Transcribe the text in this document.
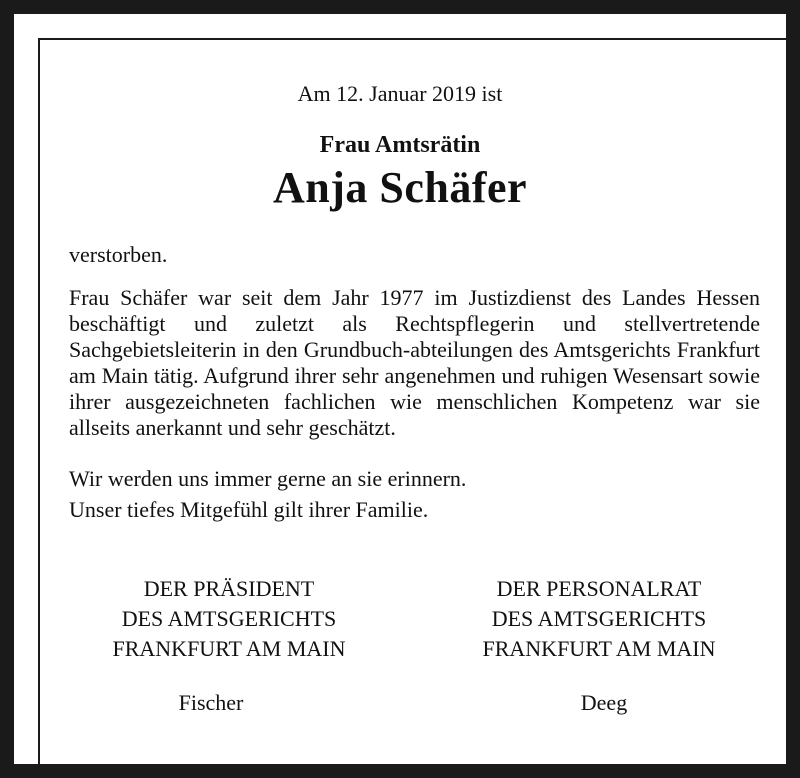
Am 12. Januar 2019 ist
Frau Amtsrätin
Anja Schäfer
verstorben.
Frau Schäfer war seit dem Jahr 1977 im Justizdienst des Landes Hessen beschäftigt und zuletzt als Rechtspflegerin und stellvertretende Sachgebietsleiterin in den Grundbuch-abteilungen des Amtsgerichts Frankfurt am Main tätig. Aufgrund ihrer sehr angenehmen und ruhigen Wesensart sowie ihrer ausgezeichneten fachlichen wie menschlichen Kompetenz war sie allseits anerkannt und sehr geschätzt.
Wir werden uns immer gerne an sie erinnern.
Unser tiefes Mitgefühl gilt ihrer Familie.
DER PRÄSIDENT
DES AMTSGERICHTS
FRANKFURT AM MAIN
DER PERSONALRAT
DES AMTSGERICHTS
FRANKFURT AM MAIN
Fischer	Deeg
